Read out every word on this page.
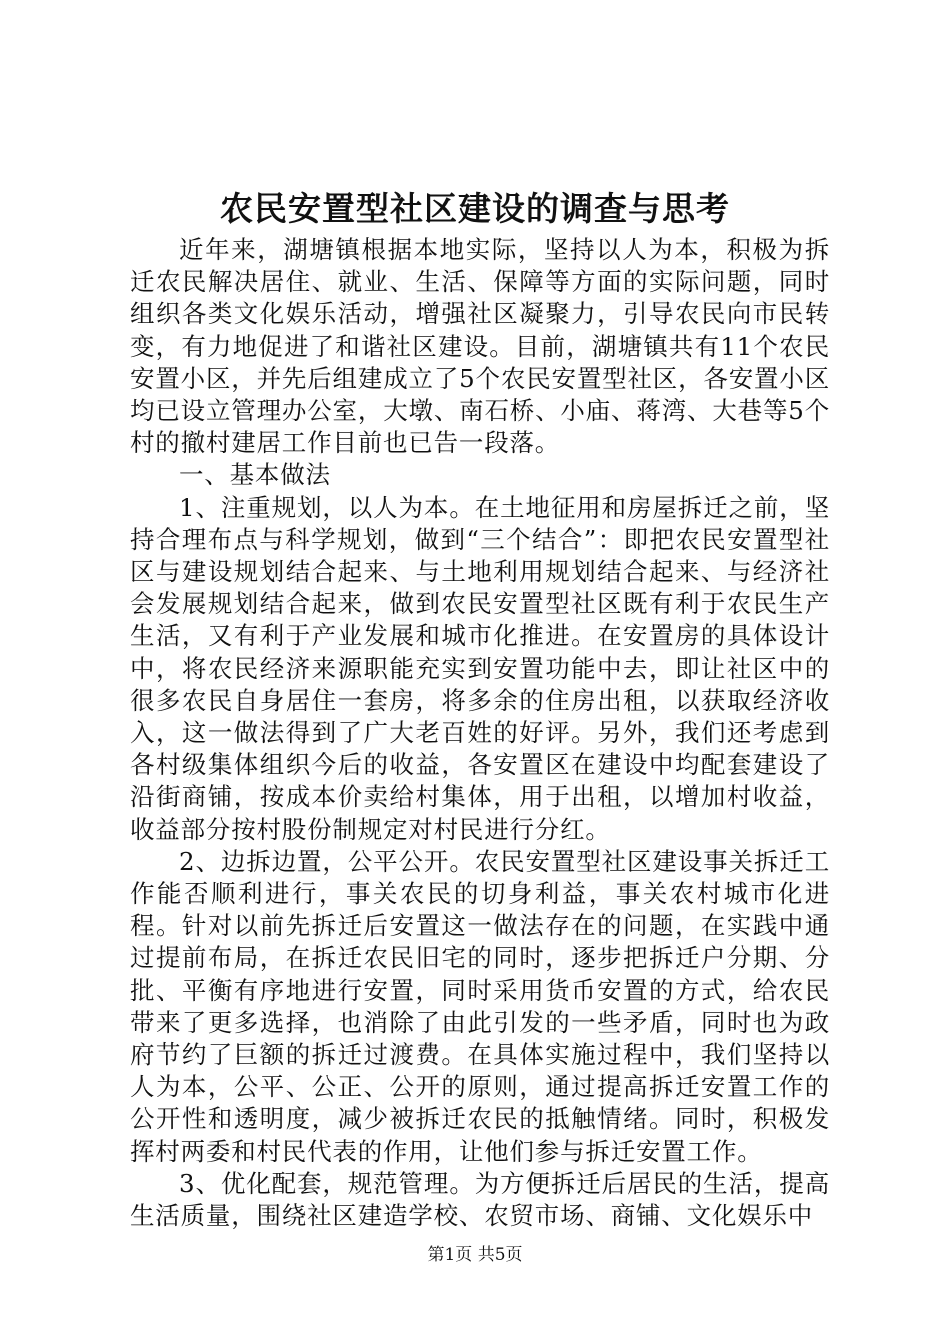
农民安置型社区建设的调查与思考

近年来，湖塘镇根据本地实际，坚持以人为本，积极为拆迁农民解决居住、就业、生活、保障等方面的实际问题，同时组织各类文化娱乐活动，增强社区凝聚力，引导农民向市民转变，有力地促进了和谐社区建设。目前，湖塘镇共有11个农民安置小区，并先后组建成立了5个农民安置型社区，各安置小区均已设立管理办公室，大墩、南石桥、小庙、蒋湾、大巷等5个村的撤村建居工作目前也已告一段落。

一、基本做法

1、注重规划，以人为本。在土地征用和房屋拆迁之前，坚持合理布点与科学规划，做到“三个结合”：即把农民安置型社区与建设规划结合起来、与土地利用规划结合起来、与经济社会发展规划结合起来，做到农民安置型社区既有利于农民生产生活，又有利于产业发展和城市化推进。在安置房的具体设计中，将农民经济来源职能充实到安置功能中去，即让社区中的很多农民自身居住一套房，将多余的住房出租，以获取经济收入，这一做法得到了广大老百姓的好评。另外，我们还考虑到各村级集体组织今后的收益，各安置区在建设中均配套建设了沿街商铺，按成本价卖给村集体，用于出租，以增加村收益，收益部分按村股份制规定对村民进行分红。

2、边拆边置，公平公开。农民安置型社区建设事关拆迁工作能否顺利进行，事关农民的切身利益，事关农村城市化进程。针对以前先拆迁后安置这一做法存在的问题，在实践中通过提前布局，在拆迁农民旧宅的同时，逐步把拆迁户分期、分批、平衡有序地进行安置，同时采用货币安置的方式，给农民带来了更多选择，也消除了由此引发的一些矛盾，同时也为政府节约了巨额的拆迁过渡费。在具体实施过程中，我们坚持以人为本，公平、公正、公开的原则，通过提高拆迁安置工作的公开性和透明度，减少被拆迁农民的抵触情绪。同时，积极发挥村两委和村民代表的作用，让他们参与拆迁安置工作。

3、优化配套，规范管理。为方便拆迁后居民的生活，提高生活质量，围绕社区建造学校、农贸市场、商铺、文化娱乐中

第1页 共5页
